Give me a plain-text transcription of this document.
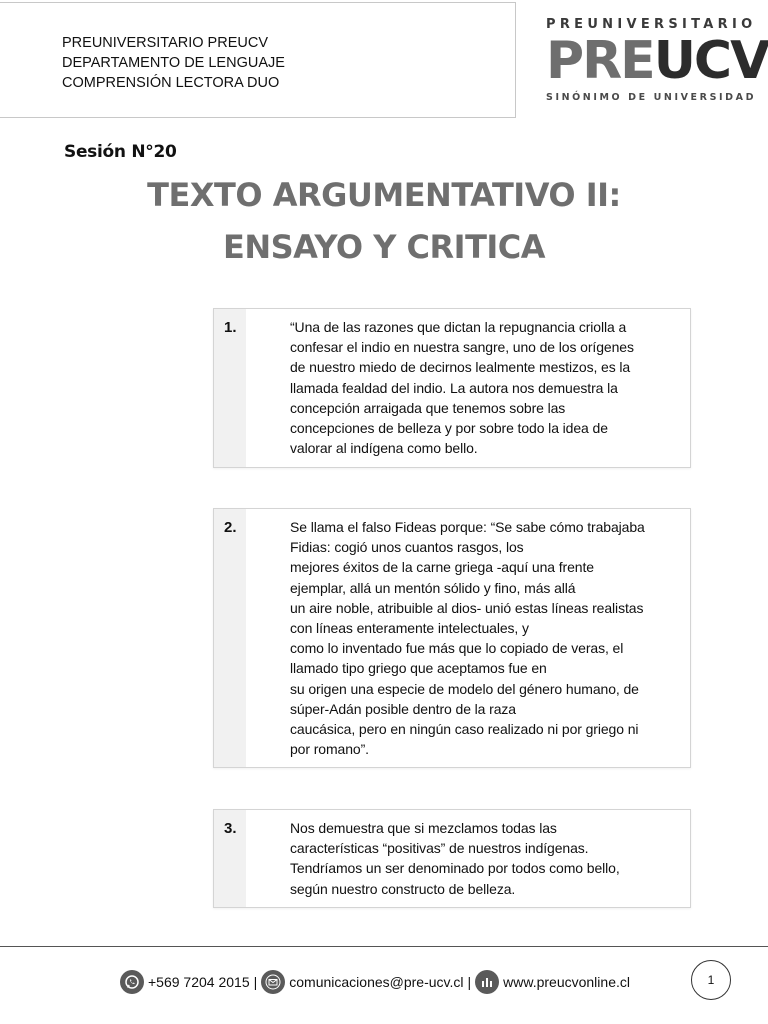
PREUNIVERSITARIO PREUCV
DEPARTAMENTO DE LENGUAJE
COMPRENSIÓN LECTORA DUO
PREUNIVERSITARIO
PREUCV
SINÓNIMO DE UNIVERSIDAD
Sesión N°20
TEXTO ARGUMENTATIVO II:
ENSAYO Y CRITICA
1.	“Una de las razones que dictan la repugnancia criolla a
confesar el indio en nuestra sangre, uno de los orígenes
de nuestro miedo de decirnos lealmente mestizos, es la
llamada fealdad del indio. La autora nos demuestra la
concepción arraigada que tenemos sobre las
concepciones de belleza y por sobre todo la idea de
valorar al indígena como bello.
2.	Se llama el falso Fideas porque: “Se sabe cómo trabajaba
Fidias: cogió unos cuantos rasgos, los
mejores éxitos de la carne griega -aquí una frente
ejemplar, allá un mentón sólido y fino, más allá
un aire noble, atribuible al dios- unió estas líneas realistas
con líneas enteramente intelectuales, y
como lo inventado fue más que lo copiado de veras, el
llamado tipo griego que aceptamos fue en
su origen una especie de modelo del género humano, de
súper-Adán posible dentro de la raza
caucásica, pero en ningún caso realizado ni por griego ni
por romano”.
3.	Nos demuestra que si mezclamos todas las
características “positivas” de nuestros indígenas.
Tendríamos un ser denominado por todos como bello,
según nuestro constructo de belleza.
+569 7204 2015 | comunicaciones@pre-ucv.cl | www.preucvonline.cl	1
